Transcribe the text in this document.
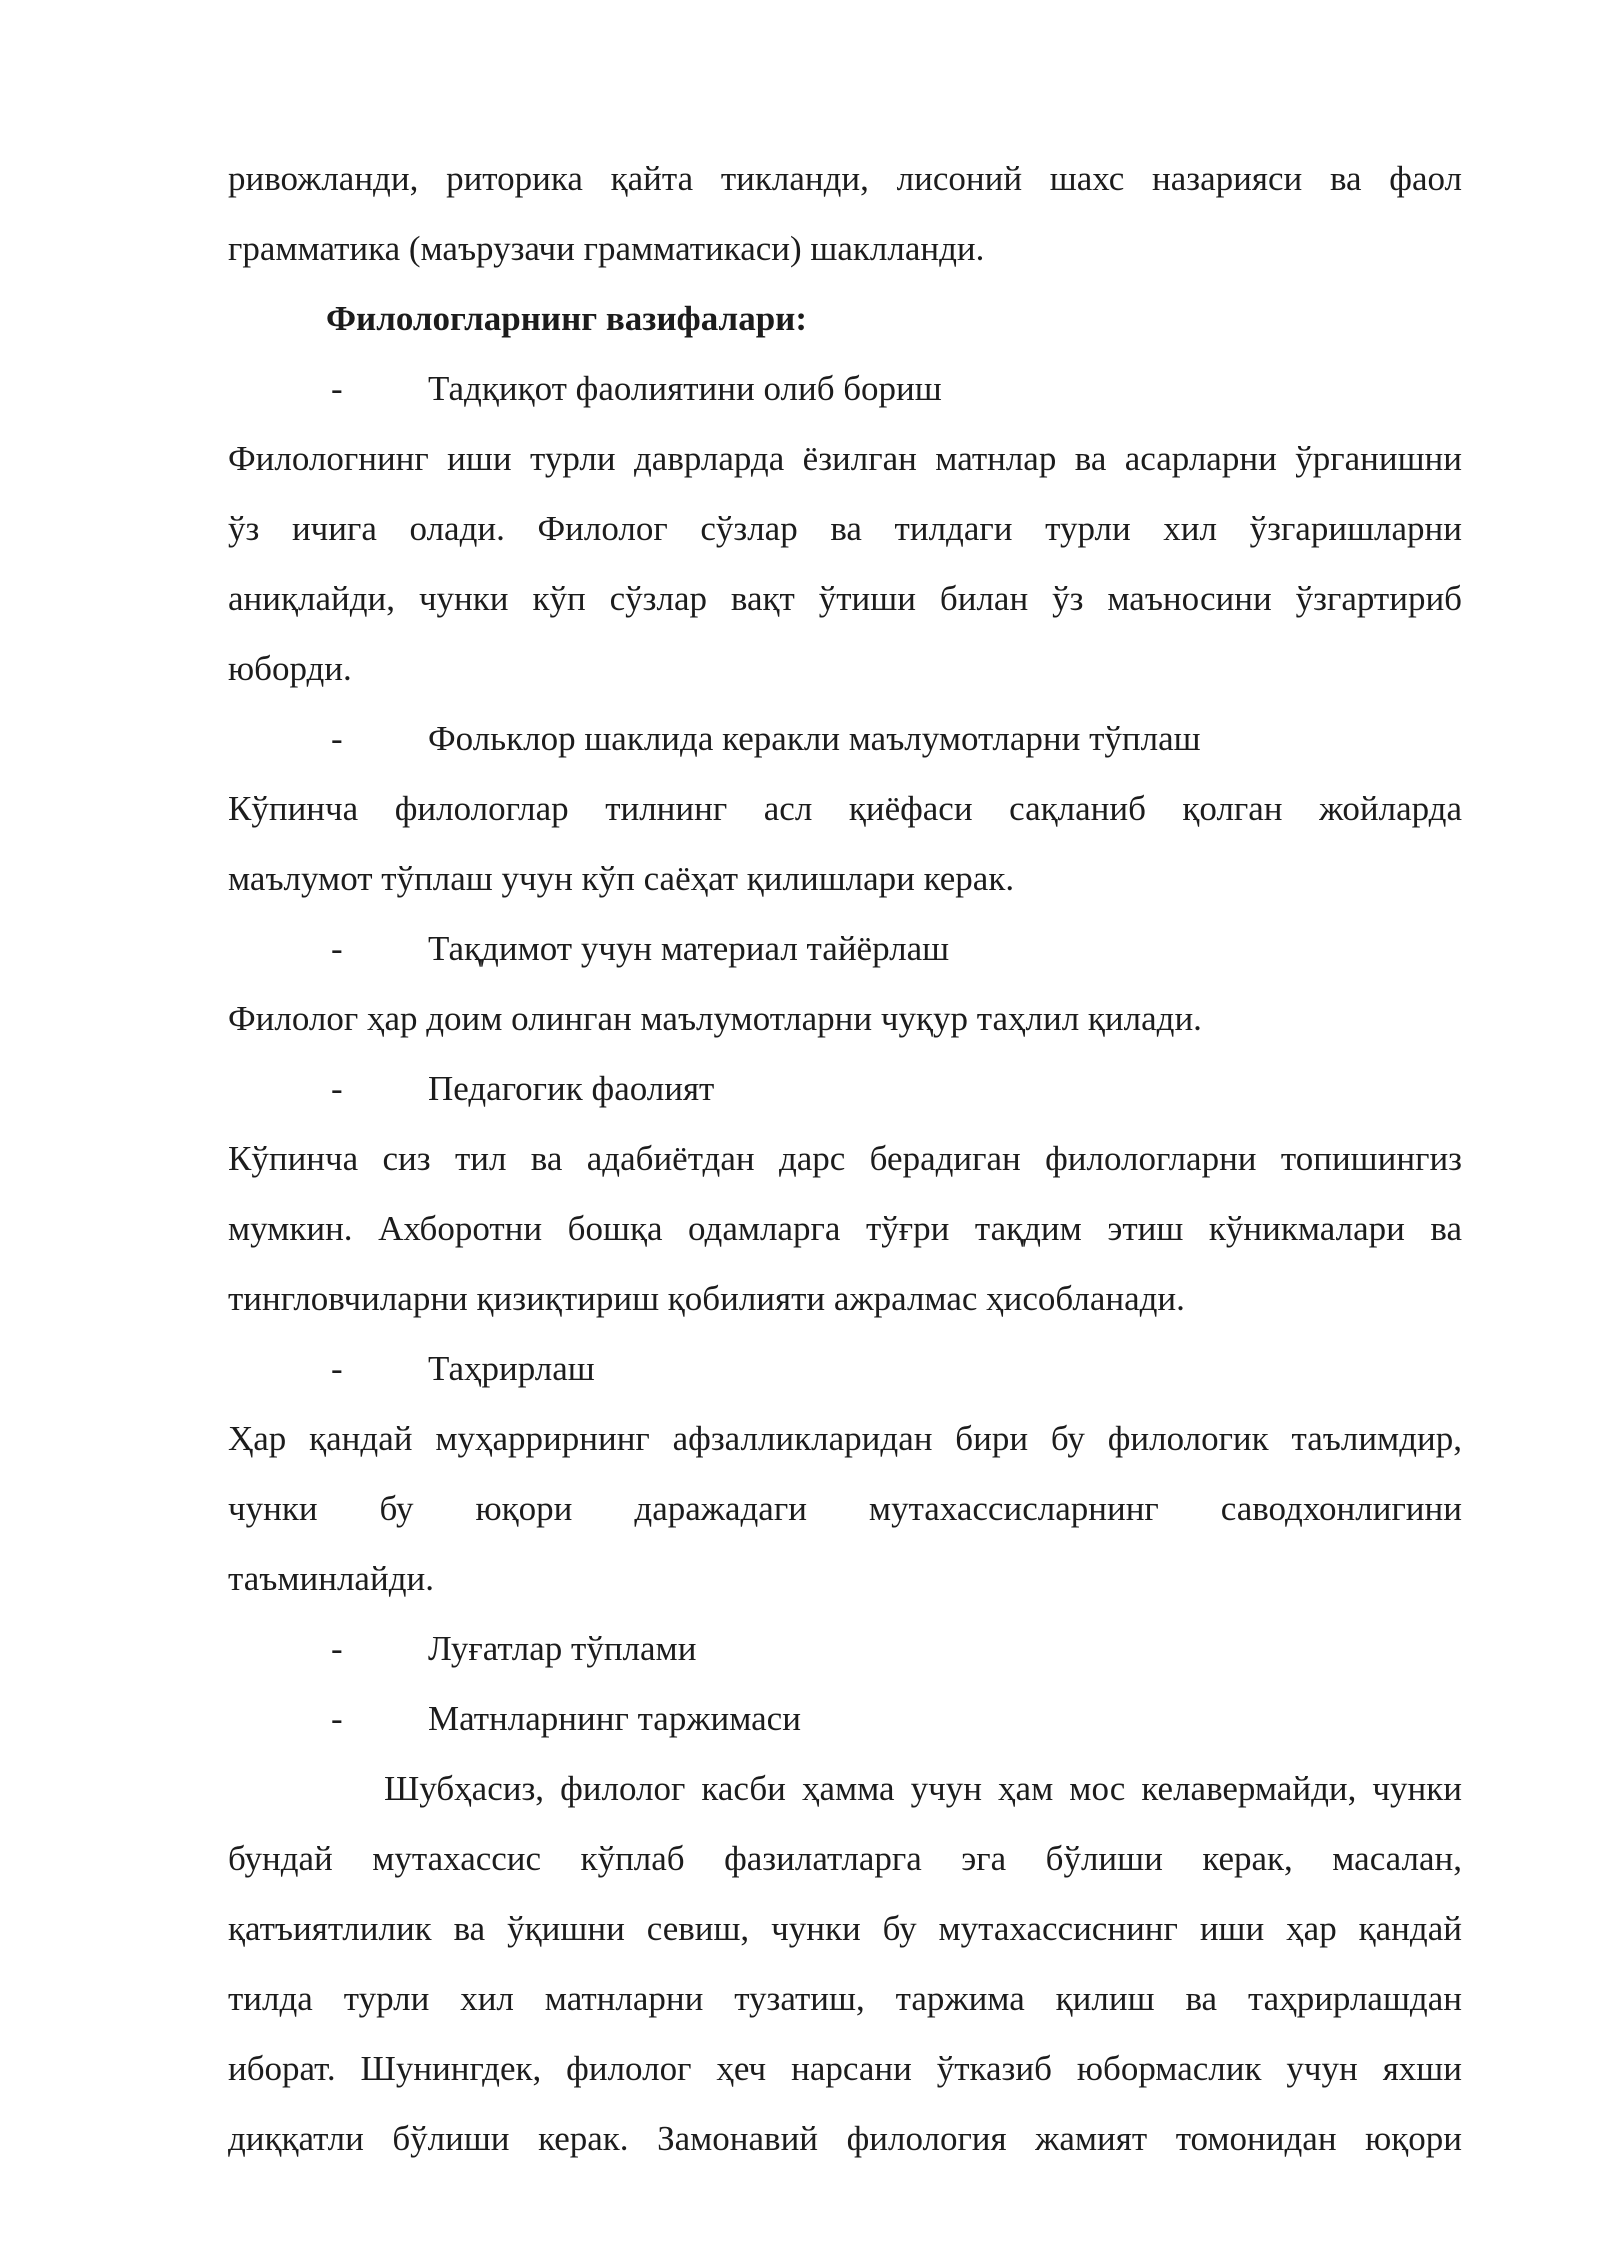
ривожланди, риторика қайта тикланди, лисоний шахс назарияси ва фаол
грамматика (маърузачи грамматикаси) шаклланди.
Филологларнинг вазифалари:
- Тадқиқот фаолиятини олиб бориш
Филологнинг иши турли даврларда ёзилган матнлар ва асарларни ўрганишни
ўз ичига олади. Филолог сўзлар ва тилдаги турли хил ўзгаришларни
аниқлайди, чунки кўп сўзлар вақт ўтиши билан ўз маъносини ўзгартириб
юборди.
- Фольклор шаклида керакли маълумотларни тўплаш
Кўпинча филологлар тилнинг асл қиёфаси сақланиб қолган жойларда
маълумот тўплаш учун кўп саёҳат қилишлари керак.
- Тақдимот учун материал тайёрлаш
Филолог ҳар доим олинган маълумотларни чуқур таҳлил қилади.
- Педагогик фаолият
Кўпинча сиз тил ва адабиётдан дарс берадиган филологларни топишингиз
мумкин. Ахборотни бошқа одамларга тўғри тақдим этиш кўникмалари ва
тингловчиларни қизиқтириш қобилияти ажралмас ҳисобланади.
- Таҳрирлаш
Ҳар қандай муҳаррирнинг афзалликларидан бири бу филологик таълимдир,
чунки бу юқори даражадаги мутахассисларнинг саводхонлигини
таъминлайди.
- Луғатлар тўплами
- Матнларнинг таржимаси
Шубҳасиз, филолог касби ҳамма учун ҳам мос келавермайди, чунки
бундай мутахассис кўплаб фазилатларга эга бўлиши керак, масалан,
қатъиятлилик ва ўқишни севиш, чунки бу мутахассиснинг иши ҳар қандай
тилда турли хил матнларни тузатиш, таржима қилиш ва таҳрирлашдан
иборат. Шунингдек, филолог ҳеч нарсани ўтказиб юбормаслик учун яхши
диққатли бўлиши керак. Замонавий филология жамият томонидан юқори
